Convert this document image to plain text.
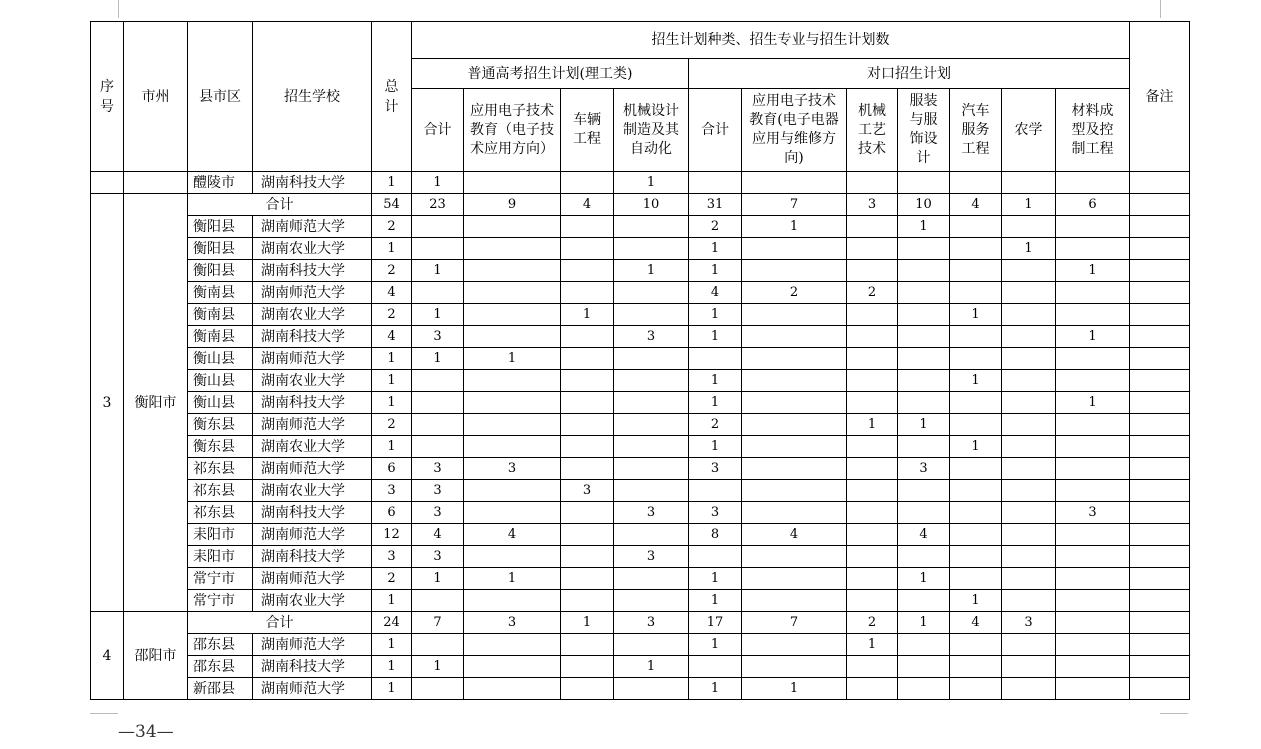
序号	市州	县市区	招生学校	总计	招生计划种类、招生专业与招生计划数											备注
					普通高考招生计划(理工类)				对口招生计划							
					合计	应用电子技术教育（电子技术应用方向）	车辆工程	机械设计制造及其自动化	合计	应用电子技术教育(电子电器应用与维修方向)	机械工艺技术	服装与服饰设计	汽车服务工程	农学	材料成型及控制工程	
		醴陵市	湖南科技大学	1	1			1								
3	衡阳市	合计		54	23	9	4	10	31	7	3	10	4	1	6	
		衡阳县	湖南师范大学	2					2	1		1				
		衡阳县	湖南农业大学	1					1					1		
		衡阳县	湖南科技大学	2	1			1	1						1	
		衡南县	湖南师范大学	4					4	2	2					
		衡南县	湖南农业大学	2	1		1		1				1			
		衡南县	湖南科技大学	4	3			3	1						1	
		衡山县	湖南师范大学	1	1	1										
		衡山县	湖南农业大学	1					1				1			
		衡山县	湖南科技大学	1					1						1	
		衡东县	湖南师范大学	2					2		1	1				
		衡东县	湖南农业大学	1					1				1			
		祁东县	湖南师范大学	6	3	3			3			3				
		祁东县	湖南农业大学	3	3		3									
		祁东县	湖南科技大学	6	3			3	3						3	
		耒阳市	湖南师范大学	12	4	4			8	4		4				
		耒阳市	湖南科技大学	3	3			3								
		常宁市	湖南师范大学	2	1	1			1			1				
		常宁市	湖南农业大学	1					1				1			
4	邵阳市	合计		24	7	3	1	3	17	7	2	1	4	3		
		邵东县	湖南师范大学	1					1		1					
		邵东县	湖南科技大学	1	1			1								
		新邵县	湖南师范大学	1					1	1						
—34—
